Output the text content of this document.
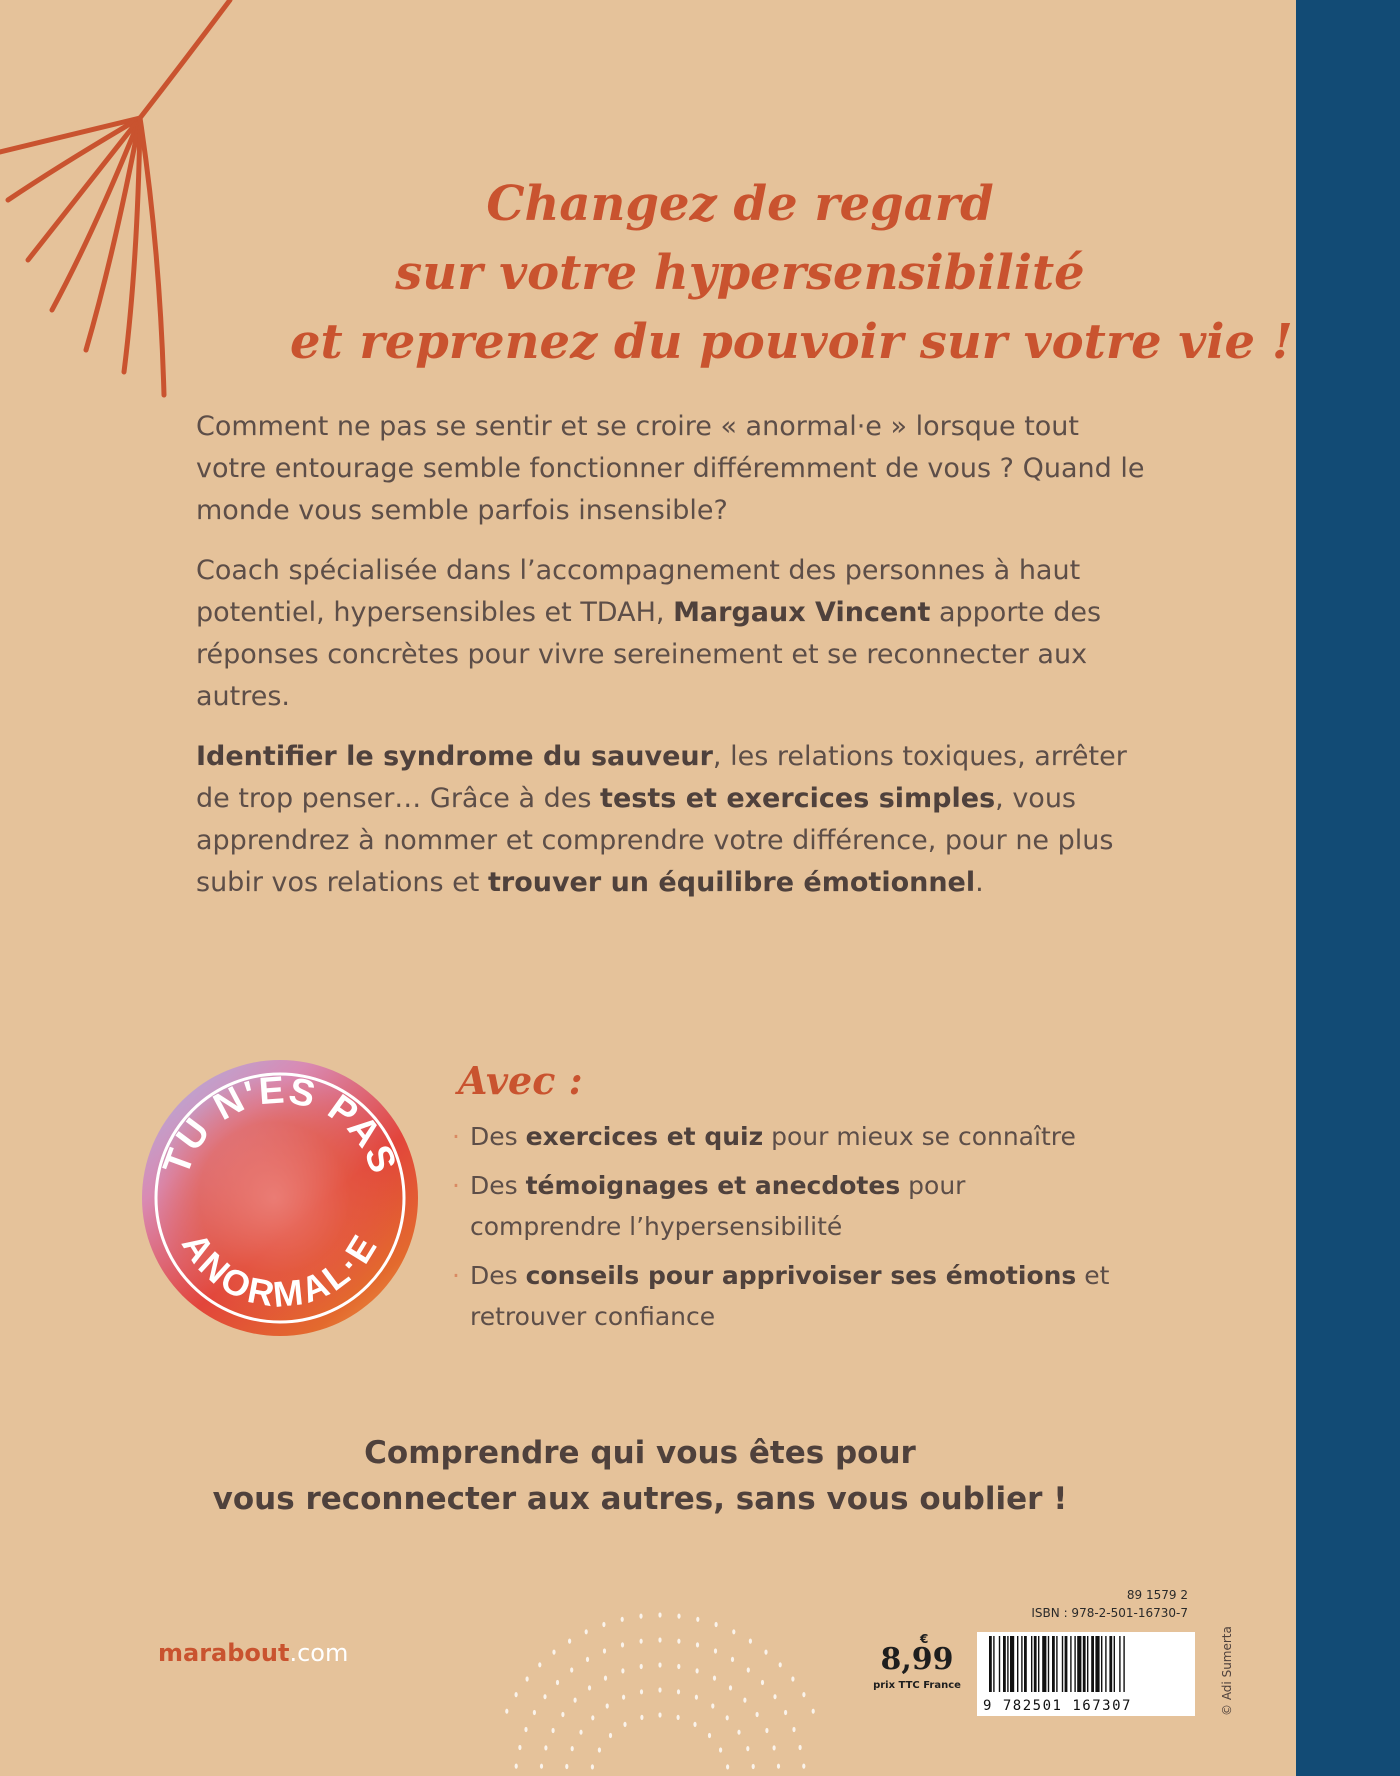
Changez de regard
sur votre hypersensibilité
et reprenez du pouvoir sur votre vie !

Comment ne pas se sentir et se croire « anormal·e » lorsque tout votre entourage semble fonctionner différemment de vous ? Quand le monde vous semble parfois insensible?

Coach spécialisée dans l’accompagnement des personnes à haut potentiel, hypersensibles et TDAH, Margaux Vincent apporte des réponses concrètes pour vivre sereinement et se reconnecter aux autres.

Identifier le syndrome du sauveur, les relations toxiques, arrêter de trop penser… Grâce à des tests et exercices simples, vous apprendrez à nommer et comprendre votre différence, pour ne plus subir vos relations et trouver un équilibre émotionnel.

TU N'ES PAS
ANORMAL·E
Avec :
· Des exercices et quiz pour mieux se connaître
· Des témoignages et anecdotes pour comprendre l’hypersensibilité
· Des conseils pour apprivoiser ses émotions et retrouver confiance
Comprendre qui vous êtes pour
vous reconnecter aux autres, sans vous oublier !
marabout.com	€
8,99
prix TTC France
89 1579 2
ISBN : 978-2-501-16730-7
9 782501 167307	© Adi Sumerta
